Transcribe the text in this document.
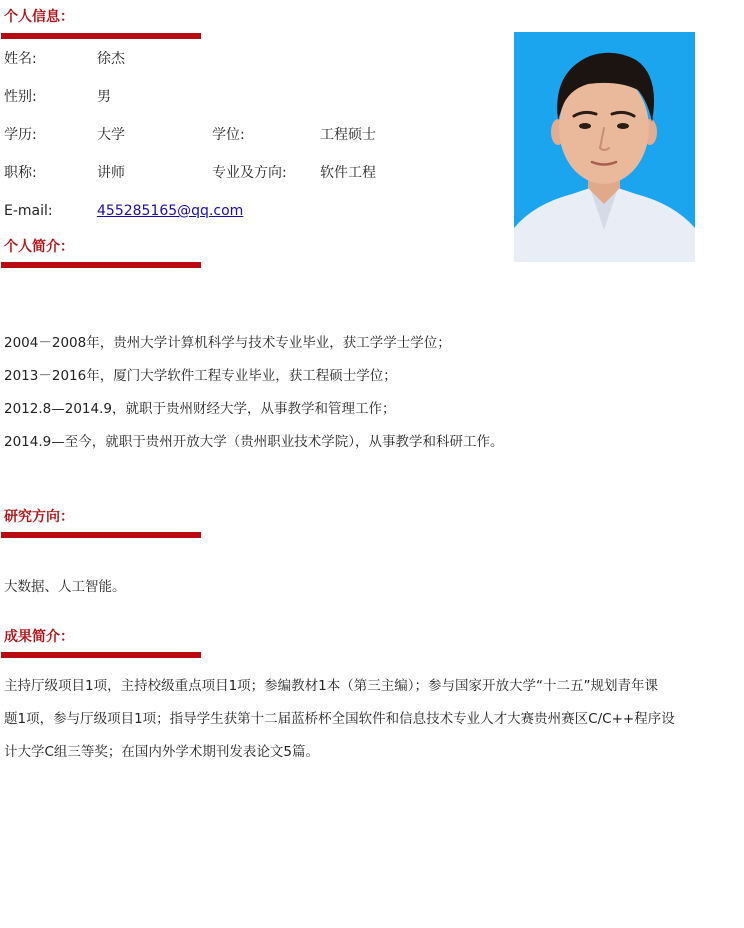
个人信息：
姓名:	徐杰
性别:	男
学历:	大学	学位:	工程硕士
职称:	讲师	专业及方向: 软件工程
E-mail:	455285165@qq.com
个人简介：
2004－2008年，贵州大学计算机科学与技术专业毕业，获工学学士学位；
2013－2016年，厦门大学软件工程专业毕业，获工程硕士学位；
2012.8—2014.9，就职于贵州财经大学，从事教学和管理工作；
2014.9—至今，就职于贵州开放大学（贵州职业技术学院），从事教学和科研工作。
研究方向：
大数据、人工智能。
成果简介：
主持厅级项目1项，主持校级重点项目1项；参编教材1本（第三主编）；参与国家开放大学“十二五”规划青年课
题1项，参与厅级项目1项；指导学生获第十二届蓝桥杯全国软件和信息技术专业人才大赛贵州赛区C/C++程序设
计大学C组三等奖；在国内外学术期刊发表论文5篇。
